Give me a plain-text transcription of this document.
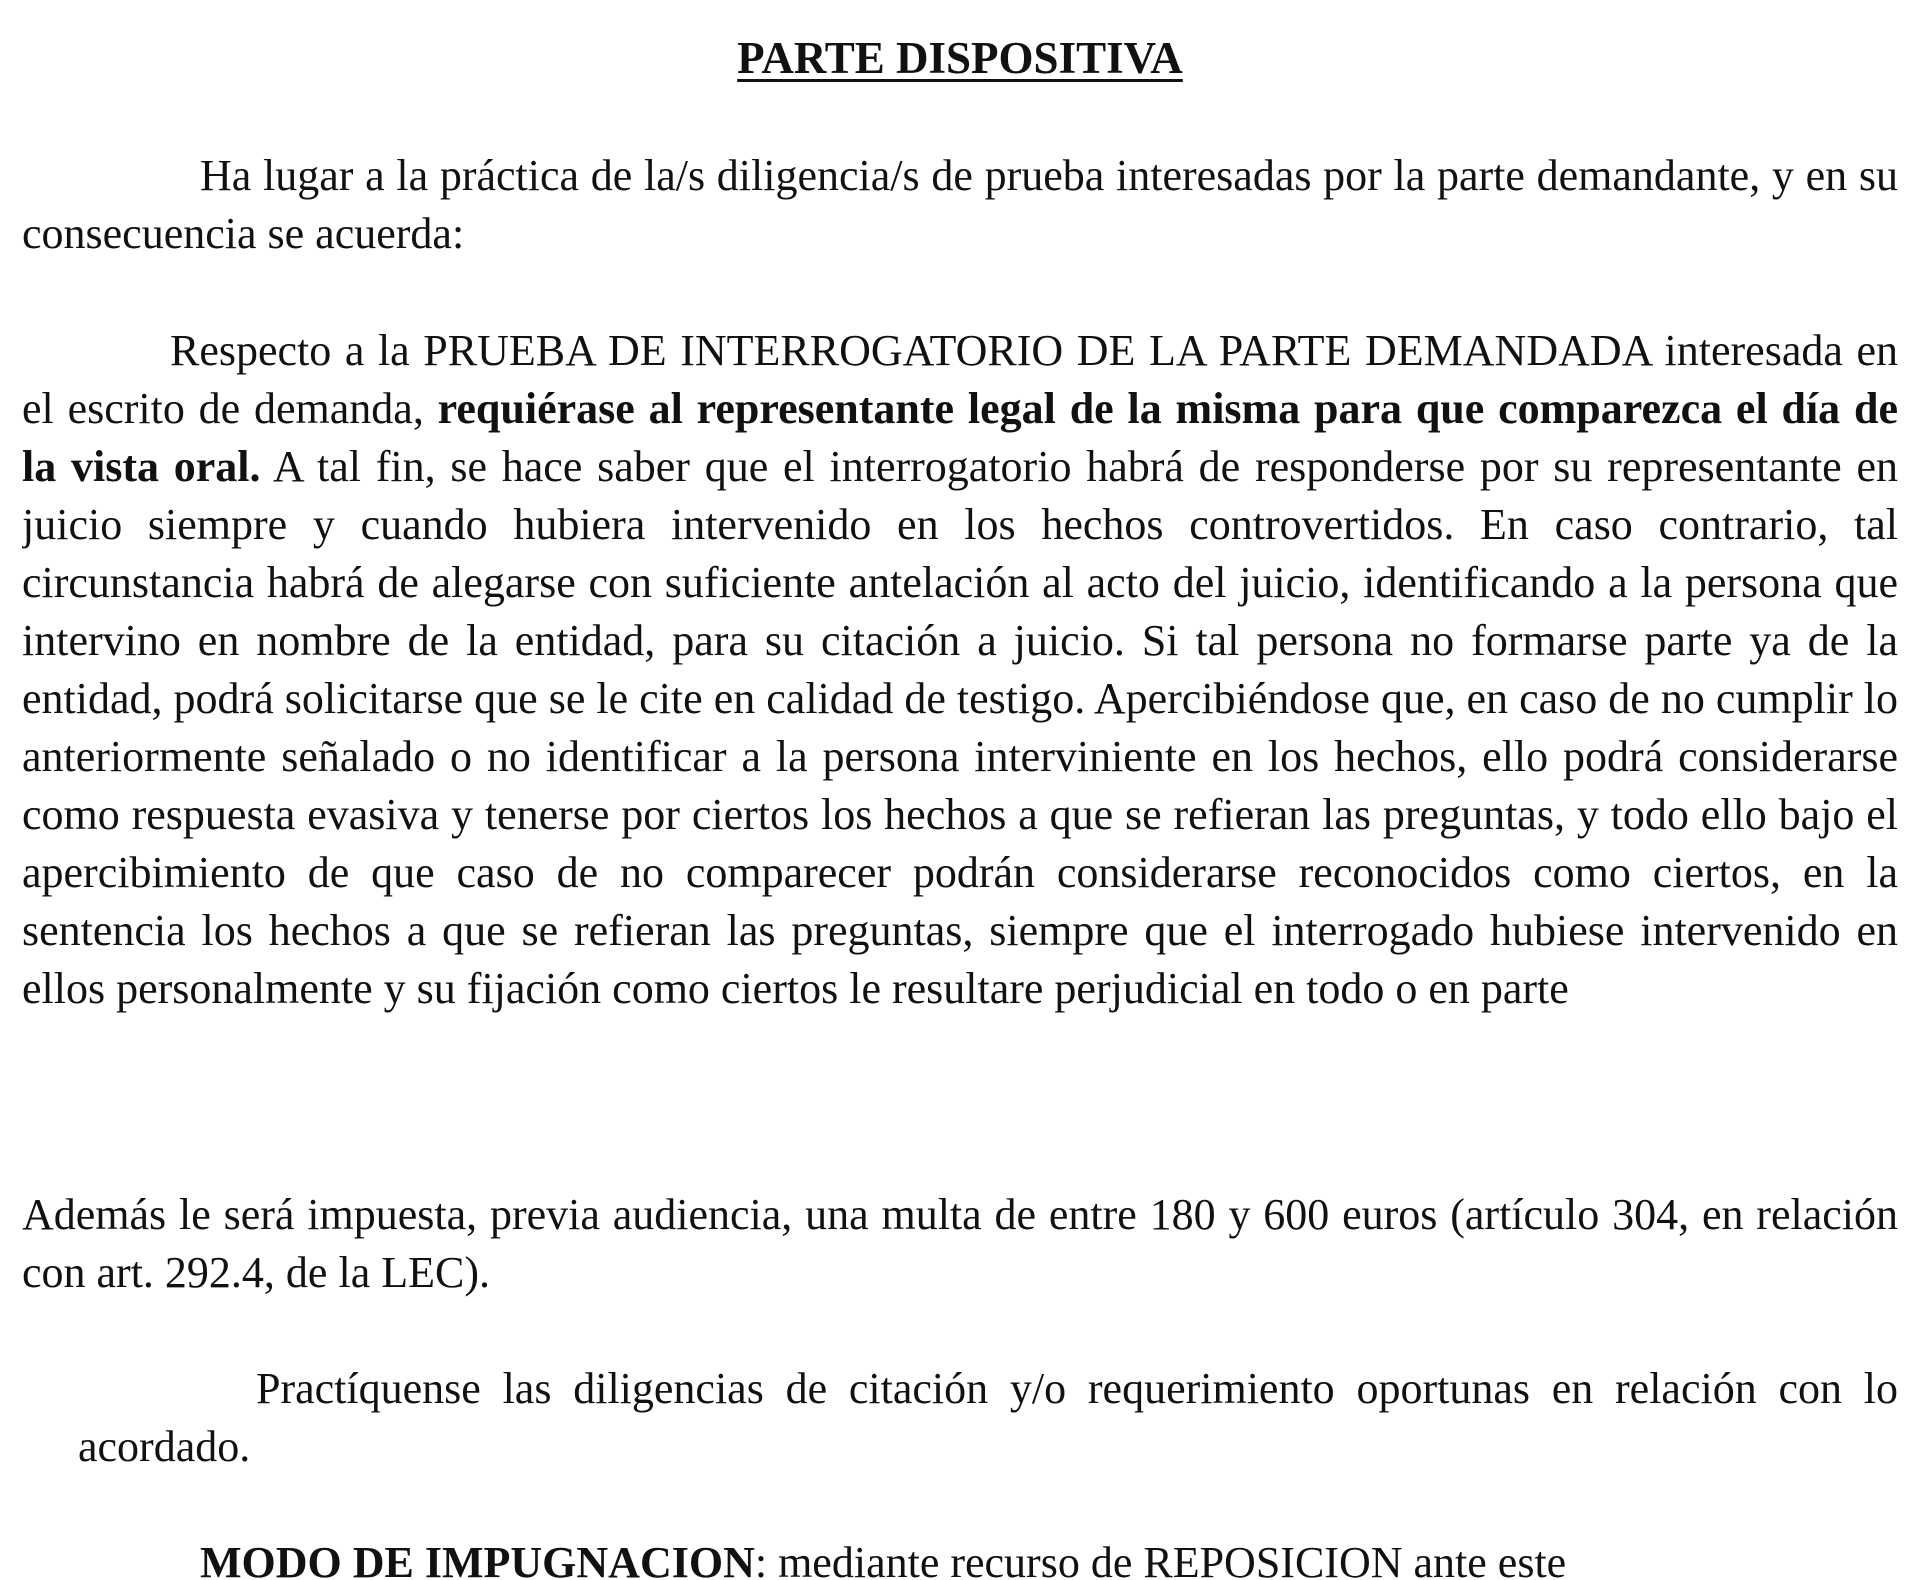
PARTE DISPOSITIVA

Ha lugar a la práctica de la/s diligencia/s de prueba interesadas por la parte demandante, y en su consecuencia se acuerda:

Respecto a la PRUEBA DE INTERROGATORIO DE LA PARTE DEMANDADA interesada en el escrito de demanda, requiérase al representante legal de la misma para que comparezca el día de la vista oral. A tal fin, se hace saber que el interrogatorio habrá de responderse por su representante en juicio siempre y cuando hubiera intervenido en los hechos controvertidos. En caso contrario, tal circunstancia habrá de alegarse con suficiente antelación al acto del juicio, identificando a la persona que intervino en nombre de la entidad, para su citación a juicio. Si tal persona no formarse parte ya de la entidad, podrá solicitarse que se le cite en calidad de testigo. Apercibiéndose que, en caso de no cumplir lo anteriormente señalado o no identificar a la persona interviniente en los hechos, ello podrá considerarse como respuesta evasiva y tenerse por ciertos los hechos a que se refieran las preguntas, y todo ello bajo el apercibimiento de que caso de no comparecer podrán considerarse reconocidos como ciertos, en la sentencia los hechos a que se refieran las preguntas, siempre que el interrogado hubiese intervenido en ellos personalmente y su fijación como ciertos le resultare perjudicial en todo o en parte

Además le será impuesta, previa audiencia, una multa de entre 180 y 600 euros (artículo 304, en relación con art. 292.4, de la LEC).

Practíquense las diligencias de citación y/o requerimiento oportunas en relación con lo acordado.

MODO DE IMPUGNACION: mediante recurso de REPOSICION ante este
